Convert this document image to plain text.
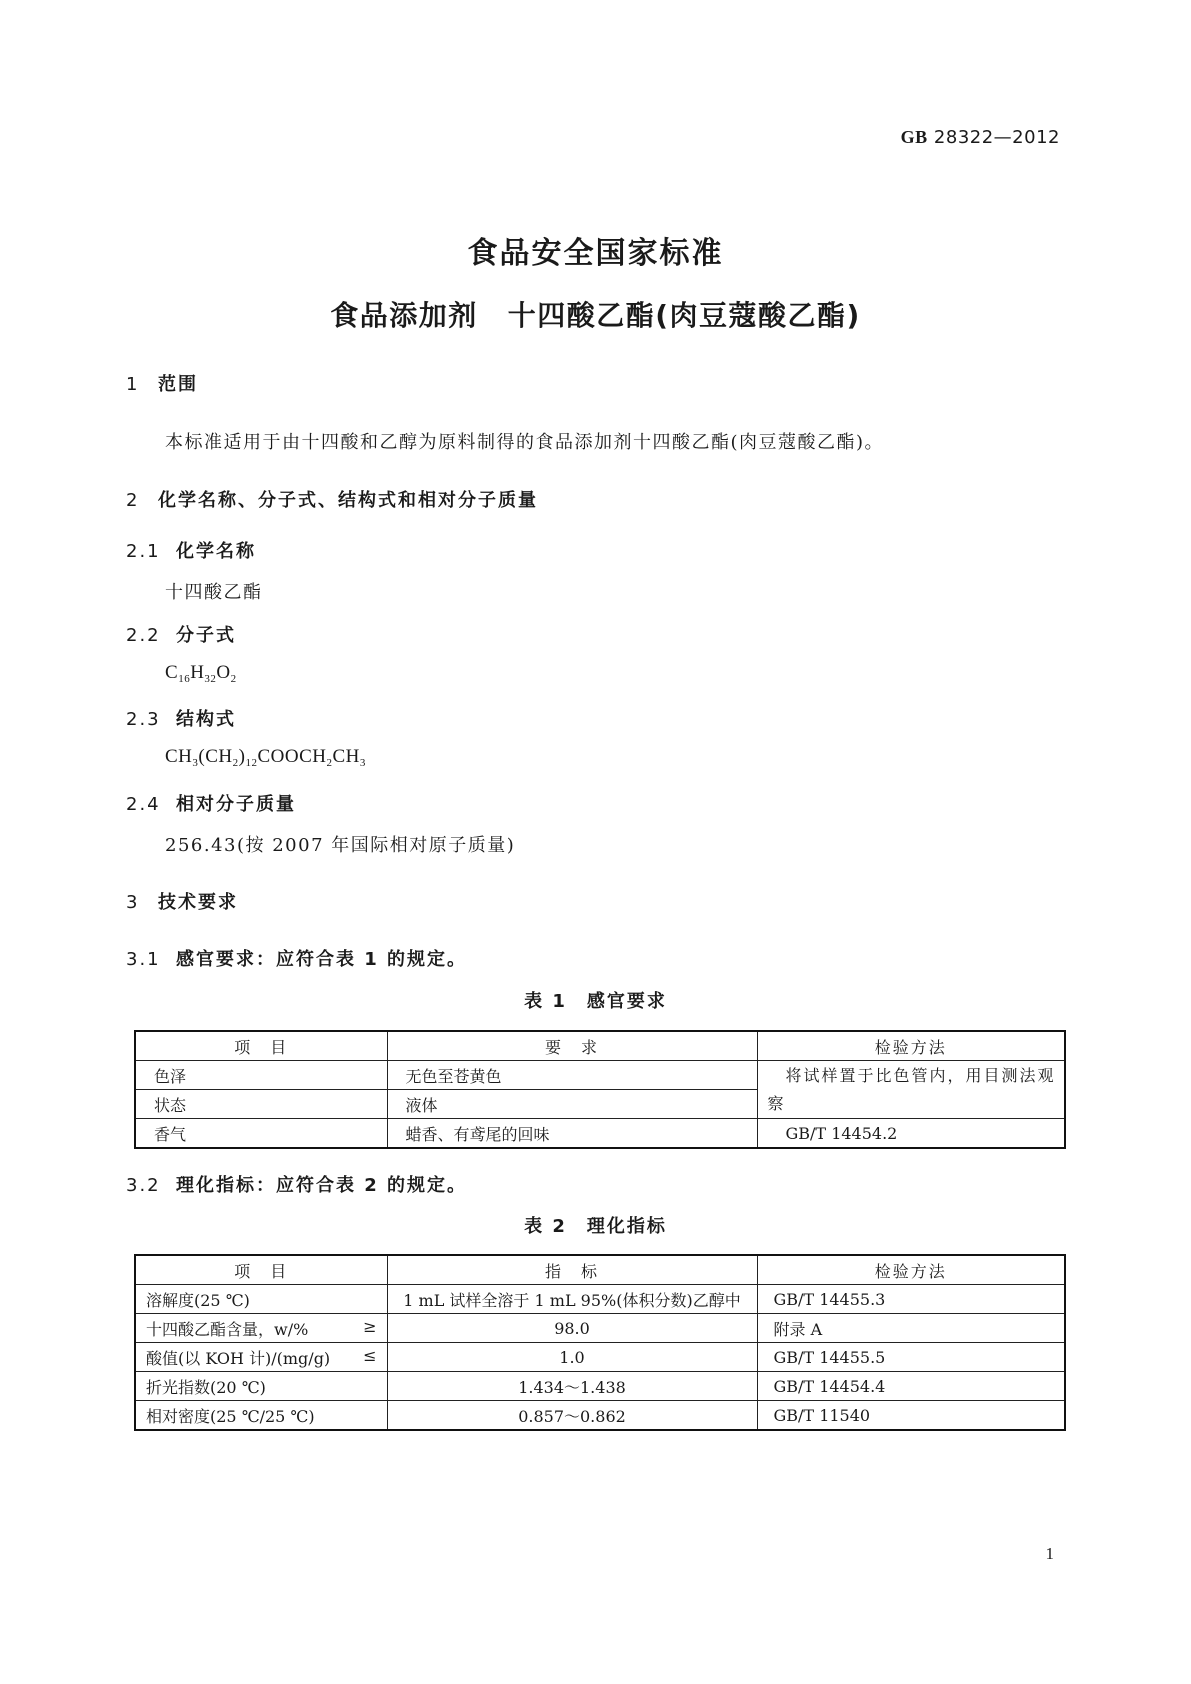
GB 28322—2012
食品安全国家标准
食品添加剂 十四酸乙酯(肉豆蔻酸乙酯)
1 范围
本标准适用于由十四酸和乙醇为原料制得的食品添加剂十四酸乙酯(肉豆蔻酸乙酯)。
2 化学名称、分子式、结构式和相对分子质量
2.1 化学名称
十四酸乙酯
2.2 分子式
$C_{16}H_{32}O_2$
2.3 结构式
$CH_3(CH_2)_{12}COOCH_2CH_3$
2.4 相对分子质量
256.43(按 2007 年国际相对原子质量)
3 技术要求
3.1 感官要求：应符合表 1 的规定。
表 1　感官要求
项　目	要　求	检验方法
色泽	无色至苍黄色	将试样置于比色管内，用目测法观察
状态	液体	
香气	蜡香、有鸢尾的回味	GB/T 14454.2
3.2 理化指标：应符合表 2 的规定。
表 2　理化指标
项　目	指　标	检验方法
溶解度(25 ℃)	1 mL 试样全溶于 1 mL 95%(体积分数)乙醇中	GB/T 14455.3
十四酸乙酯含量，w/% ≥	98.0	附录 A
酸值(以 KOH 计)/(mg/g) ≤	1.0	GB/T 14455.5
折光指数(20 ℃)	1.434～1.438	GB/T 14454.4
相对密度(25 ℃/25 ℃)	0.857～0.862	GB/T 11540
1
